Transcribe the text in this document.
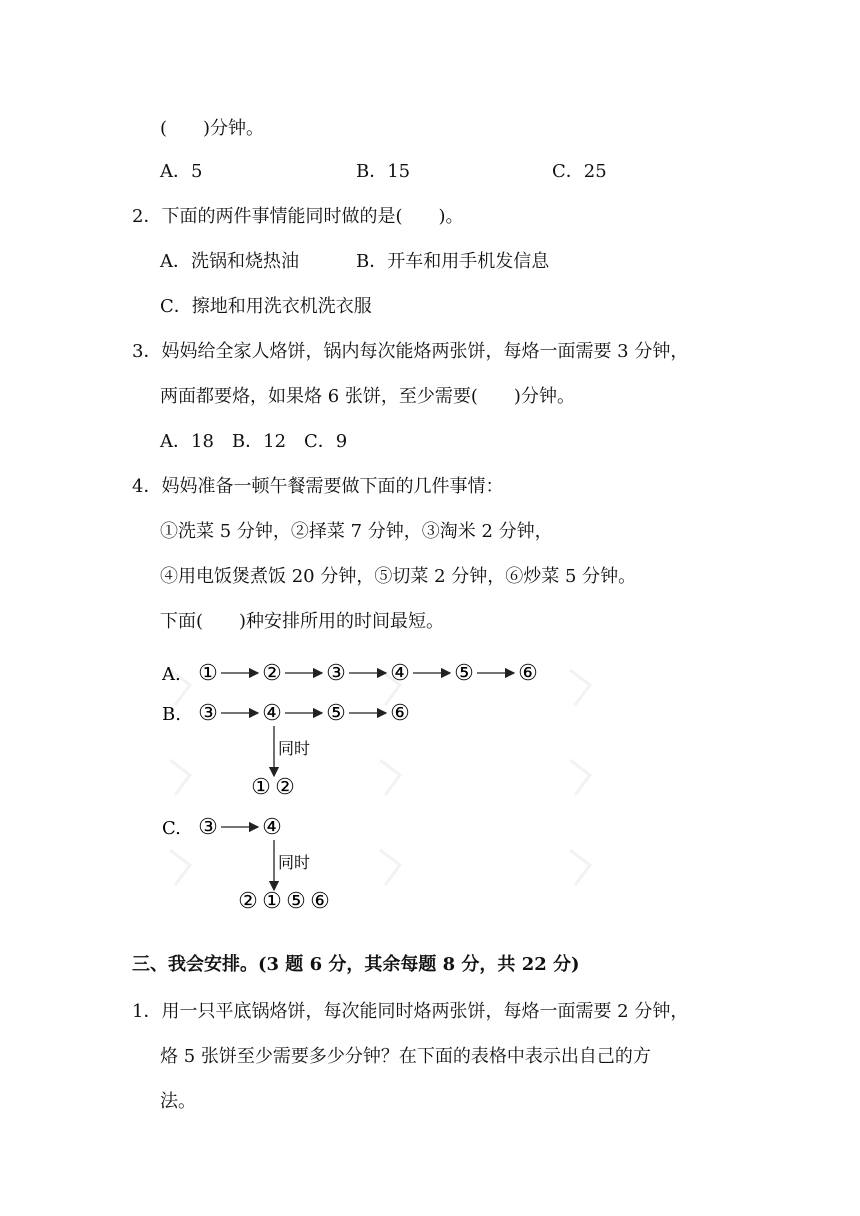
(　　)分钟。
A．5	B．15	C．25
2．下面的两件事情能同时做的是(　　)。
A．洗锅和烧热油	B．开车和用手机发信息
C．擦地和用洗衣机洗衣服
3．妈妈给全家人烙饼，锅内每次能烙两张饼，每烙一面需要 3 分钟，
两面都要烙，如果烙 6 张饼，至少需要(　　)分钟。
A．18　B．12　C．9
4．妈妈准备一顿午餐需要做下面的几件事情：
①洗菜 5 分钟，②择菜 7 分钟，③淘米 2 分钟，
④用电饭煲煮饭 20 分钟，⑤切菜 2 分钟，⑥炒菜 5 分钟。
下面(　　)种安排所用的时间最短。
A. ① ② ③ ④ ⑤ ⑥
B. ③ ④ ⑤ ⑥
同时
① ②
C. ③ ④
同时
② ① ⑤ ⑥
三、我会安排。(3 题 6 分，其余每题 8 分，共 22 分)
1．用一只平底锅烙饼，每次能同时烙两张饼，每烙一面需要 2 分钟，
烙 5 张饼至少需要多少分钟？在下面的表格中表示出自己的方
法。
